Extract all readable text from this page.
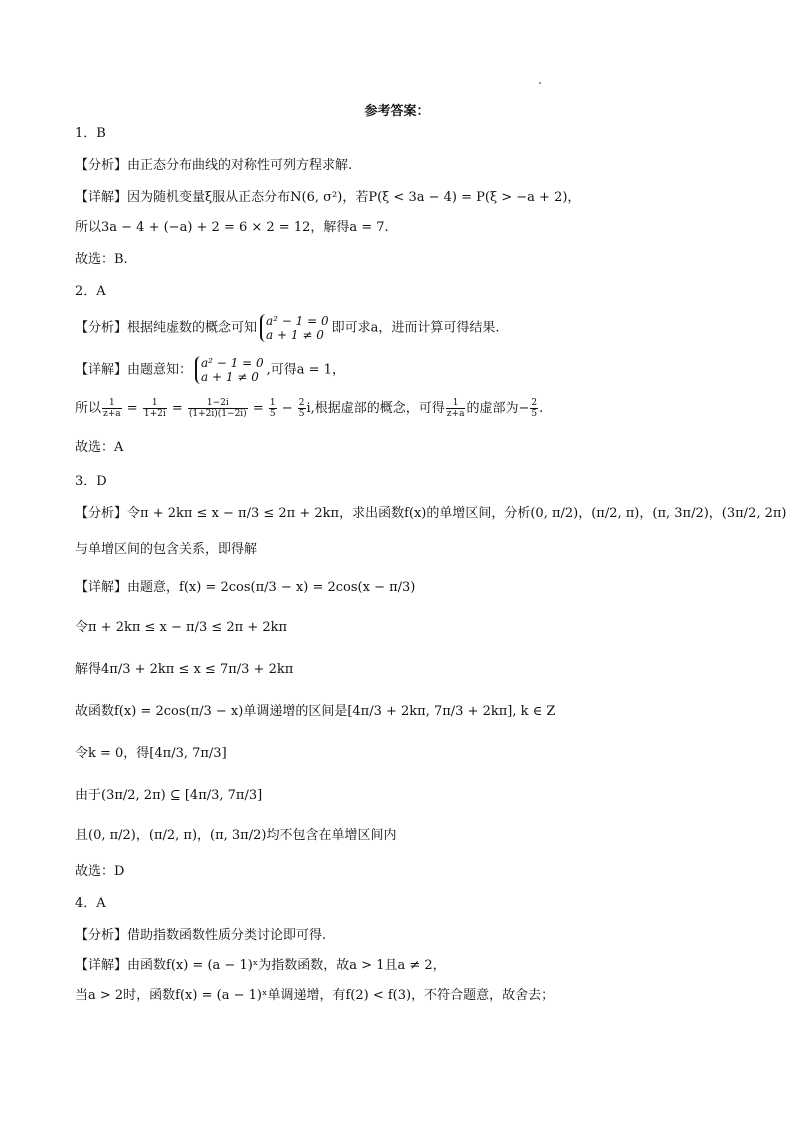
参考答案：
1．B
【分析】由正态分布曲线的对称性可列方程求解.
【详解】因为随机变量ξ服从正态分布N(6, σ²)，若P(ξ < 3a − 4) = P(ξ > −a + 2)，
所以3a − 4 + (−a) + 2 = 6 × 2 = 12，解得a = 7.
故选：B.
2．A
【分析】根据纯虚数的概念可知 a² − 1 = 0
a + 1 ≠ 0 即可求a，进而计算可得结果.
【详解】由题意知： a² − 1 = 0
a + 1 ≠ 0 ,可得a = 1，
所以 $\frac{1}{z+a} = \frac{1}{1+2i} = \frac{1-2i}{(1+2i)(1-2i)} = \frac{1}{5} - \frac{2}{5} i$,根据虚部的概念，可得 $\frac{1}{z+a}$ 的虚部为− $\frac{2}{5}$ .
故选：A
3．D
【分析】令π + 2kπ ≤ x − π/3 ≤ 2π + 2kπ，求出函数f(x)的单增区间，分析(0, π/2)，(π/2, π)，(π, 3π/2)，(3π/2, 2π)
与单增区间的包含关系，即得解
【详解】由题意，f(x) = 2cos(π/3 − x) = 2cos(x − π/3)
令π + 2kπ ≤ x − π/3 ≤ 2π + 2kπ
解得4π/3 + 2kπ ≤ x ≤ 7π/3 + 2kπ
故函数f(x) = 2cos(π/3 − x)单调递增的区间是[4π/3 + 2kπ, 7π/3 + 2kπ], k ∈ Z
令k = 0，得[4π/3, 7π/3]
由于(3π/2, 2π) ⊆ [4π/3, 7π/3]
且(0, π/2)，(π/2, π)，(π, 3π/2)均不包含在单增区间内
故选：D
4．A
【分析】借助指数函数性质分类讨论即可得.
【详解】由函数f(x) = (a − 1)ˣ为指数函数，故a > 1且a ≠ 2，
当a > 2时，函数f(x) = (a − 1)ˣ单调递增，有f(2) < f(3)，不符合题意，故舍去；
